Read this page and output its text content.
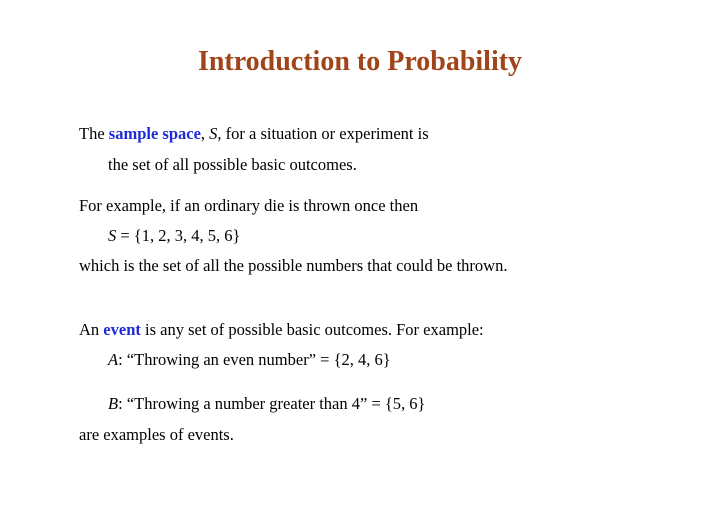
Introduction to Probability
The sample space, S, for a situation or experiment is
the set of all possible basic outcomes.
For example, if an ordinary die is thrown once then
S = {1, 2, 3, 4, 5, 6}
which is the set of all the possible numbers that could be thrown.
An event is any set of possible basic outcomes. For example:
A: “Throwing an even number” = {2, 4, 6}
B: “Throwing a number greater than 4” = {5, 6}
are examples of events.
